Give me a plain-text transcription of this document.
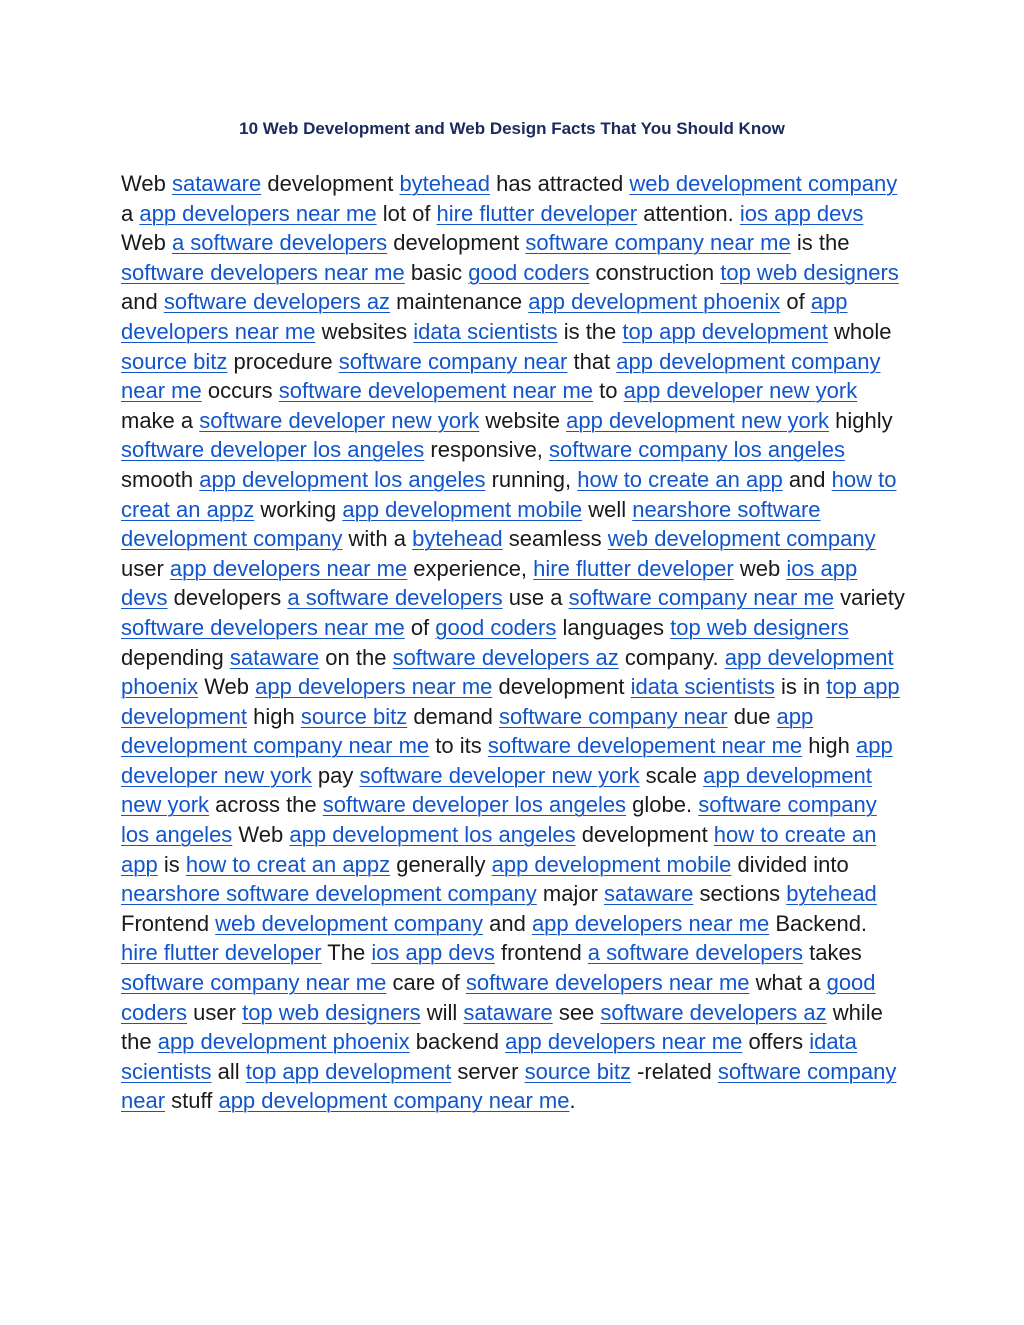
10 Web Development and Web Design Facts That You Should Know

Web sataware development bytehead has attracted web development company a app developers near me lot of hire flutter developer attention. ios app devs Web a software developers development software company near me is the software developers near me basic good coders construction top web designers and software developers az maintenance app development phoenix of app developers near me websites idata scientists is the top app development whole source bitz procedure software company near that app development company near me occurs software developement near me to app developer new york make a software developer new york website app development new york highly software developer los angeles responsive, software company los angeles smooth app development los angeles running, how to create an app and how to creat an appz working app development mobile well nearshore software development company with a bytehead seamless web development company user app developers near me experience, hire flutter developer web ios app devs developers a software developers use a software company near me variety software developers near me of good coders languages top web designers depending sataware on the software developers az company. app development phoenix Web app developers near me development idata scientists is in top app development high source bitz demand software company near due app development company near me to its software developement near me high app developer new york pay software developer new york scale app development new york across the software developer los angeles globe. software company los angeles Web app development los angeles development how to create an app is how to creat an appz generally app development mobile divided into nearshore software development company major sataware sections bytehead Frontend web development company and app developers near me Backend. hire flutter developer The ios app devs frontend a software developers takes software company near me care of software developers near me what a good coders user top web designers will sataware see software developers az while the app development phoenix backend app developers near me offers idata scientists all top app development server source bitz -related software company near stuff app development company near me.
